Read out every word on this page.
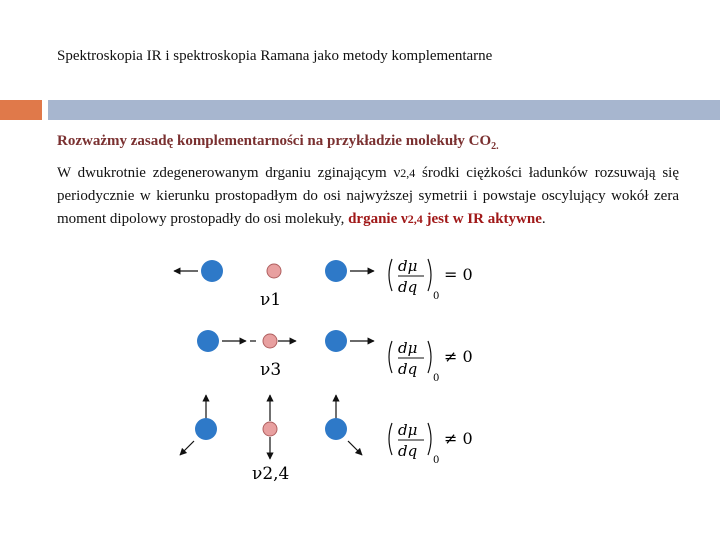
Spektroskopia IR i spektroskopia Ramana jako metody komplementarne
Rozważmy zasadę komplementarności na przykładzie molekuły $CO_{2.}$
W dwukrotnie zdegenerowanym drganiu zginającym ν2,4 środki ciężkości ładunków rozsuwają się periodycznie w kierunku prostopadłym do osi najwyższej symetrii i powstaje oscylujący wokół zera moment dipolowy prostopadły do osi molekuły, drganie ν2,4 jest w IR aktywne.
ν1
ν3
ν2,4
dμ
dq
0
= 0
dμ
dq
0
≠ 0
dμ
dq
0
≠ 0
